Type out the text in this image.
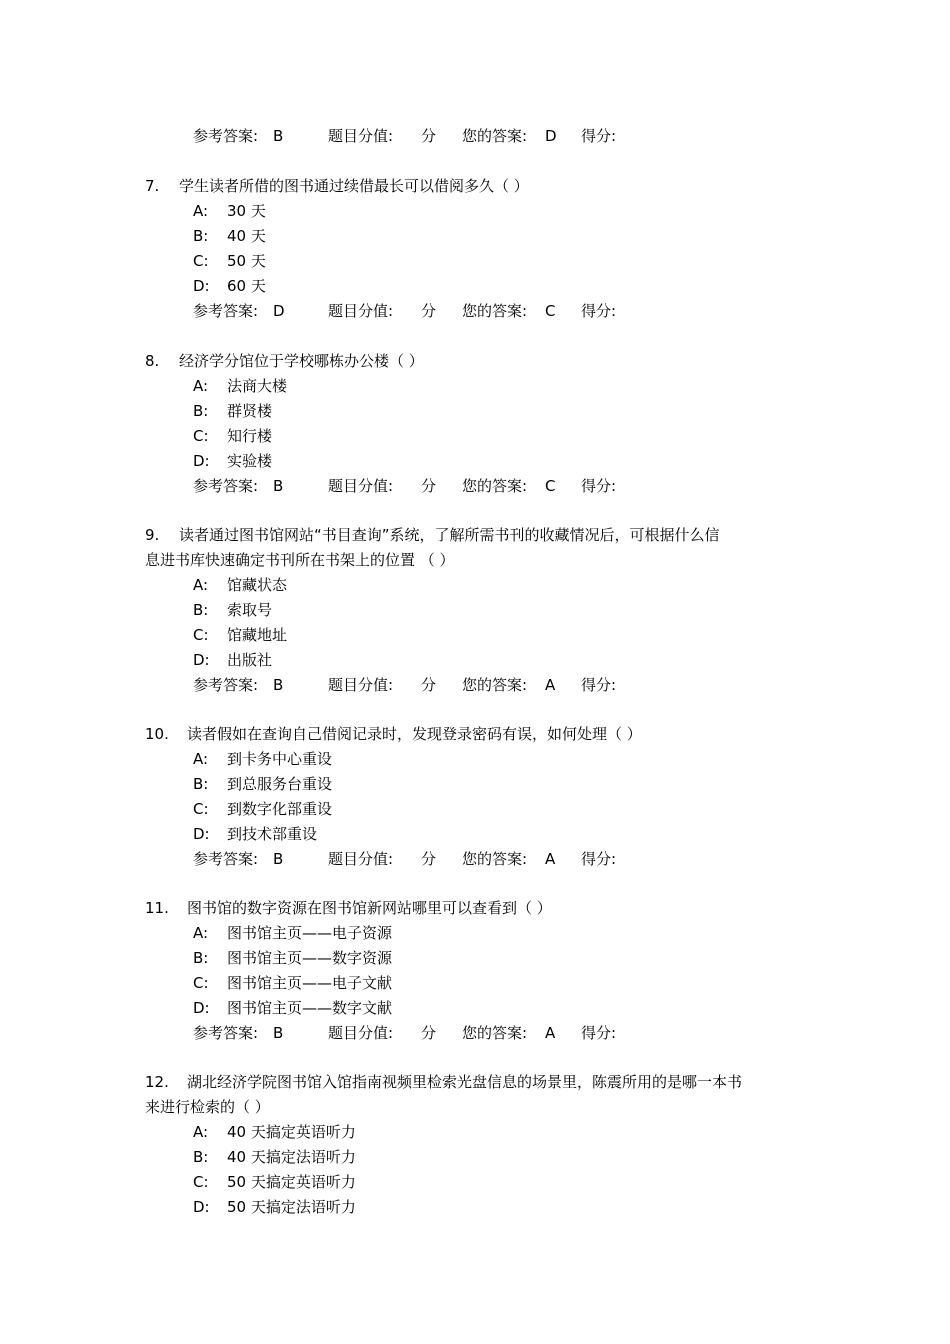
参考答案: B	题目分值: 分 您的答案: D 得分:
7. 学生读者所借的图书通过续借最长可以借阅多久（ ）
A: 30 天
B: 40 天
C: 50 天
D: 60 天
参考答案: D	题目分值: 分 您的答案: C 得分:
8. 经济学分馆位于学校哪栋办公楼（ ）
A: 法商大楼
B: 群贤楼
C: 知行楼
D: 实验楼
参考答案: B	题目分值: 分 您的答案: C 得分:
9. 读者通过图书馆网站“书目查询”系统，了解所需书刊的收藏情况后，可根据什么信
息进书库快速确定书刊所在书架上的位置 （ ）
A: 馆藏状态
B: 索取号
C: 馆藏地址
D: 出版社
参考答案: B	题目分值: 分 您的答案: A 得分:
10. 读者假如在查询自己借阅记录时，发现登录密码有误，如何处理（ ）
A: 到卡务中心重设
B: 到总服务台重设
C: 到数字化部重设
D: 到技术部重设
参考答案: B	题目分值: 分 您的答案: A 得分:
11. 图书馆的数字资源在图书馆新网站哪里可以查看到（ ）
A: 图书馆主页——电子资源
B: 图书馆主页——数字资源
C: 图书馆主页——电子文献
D: 图书馆主页——数字文献
参考答案: B	题目分值: 分 您的答案: A 得分:
12. 湖北经济学院图书馆入馆指南视频里检索光盘信息的场景里，陈震所用的是哪一本书
来进行检索的（ ）
A: 40 天搞定英语听力
B: 40 天搞定法语听力
C: 50 天搞定英语听力
D: 50 天搞定法语听力
